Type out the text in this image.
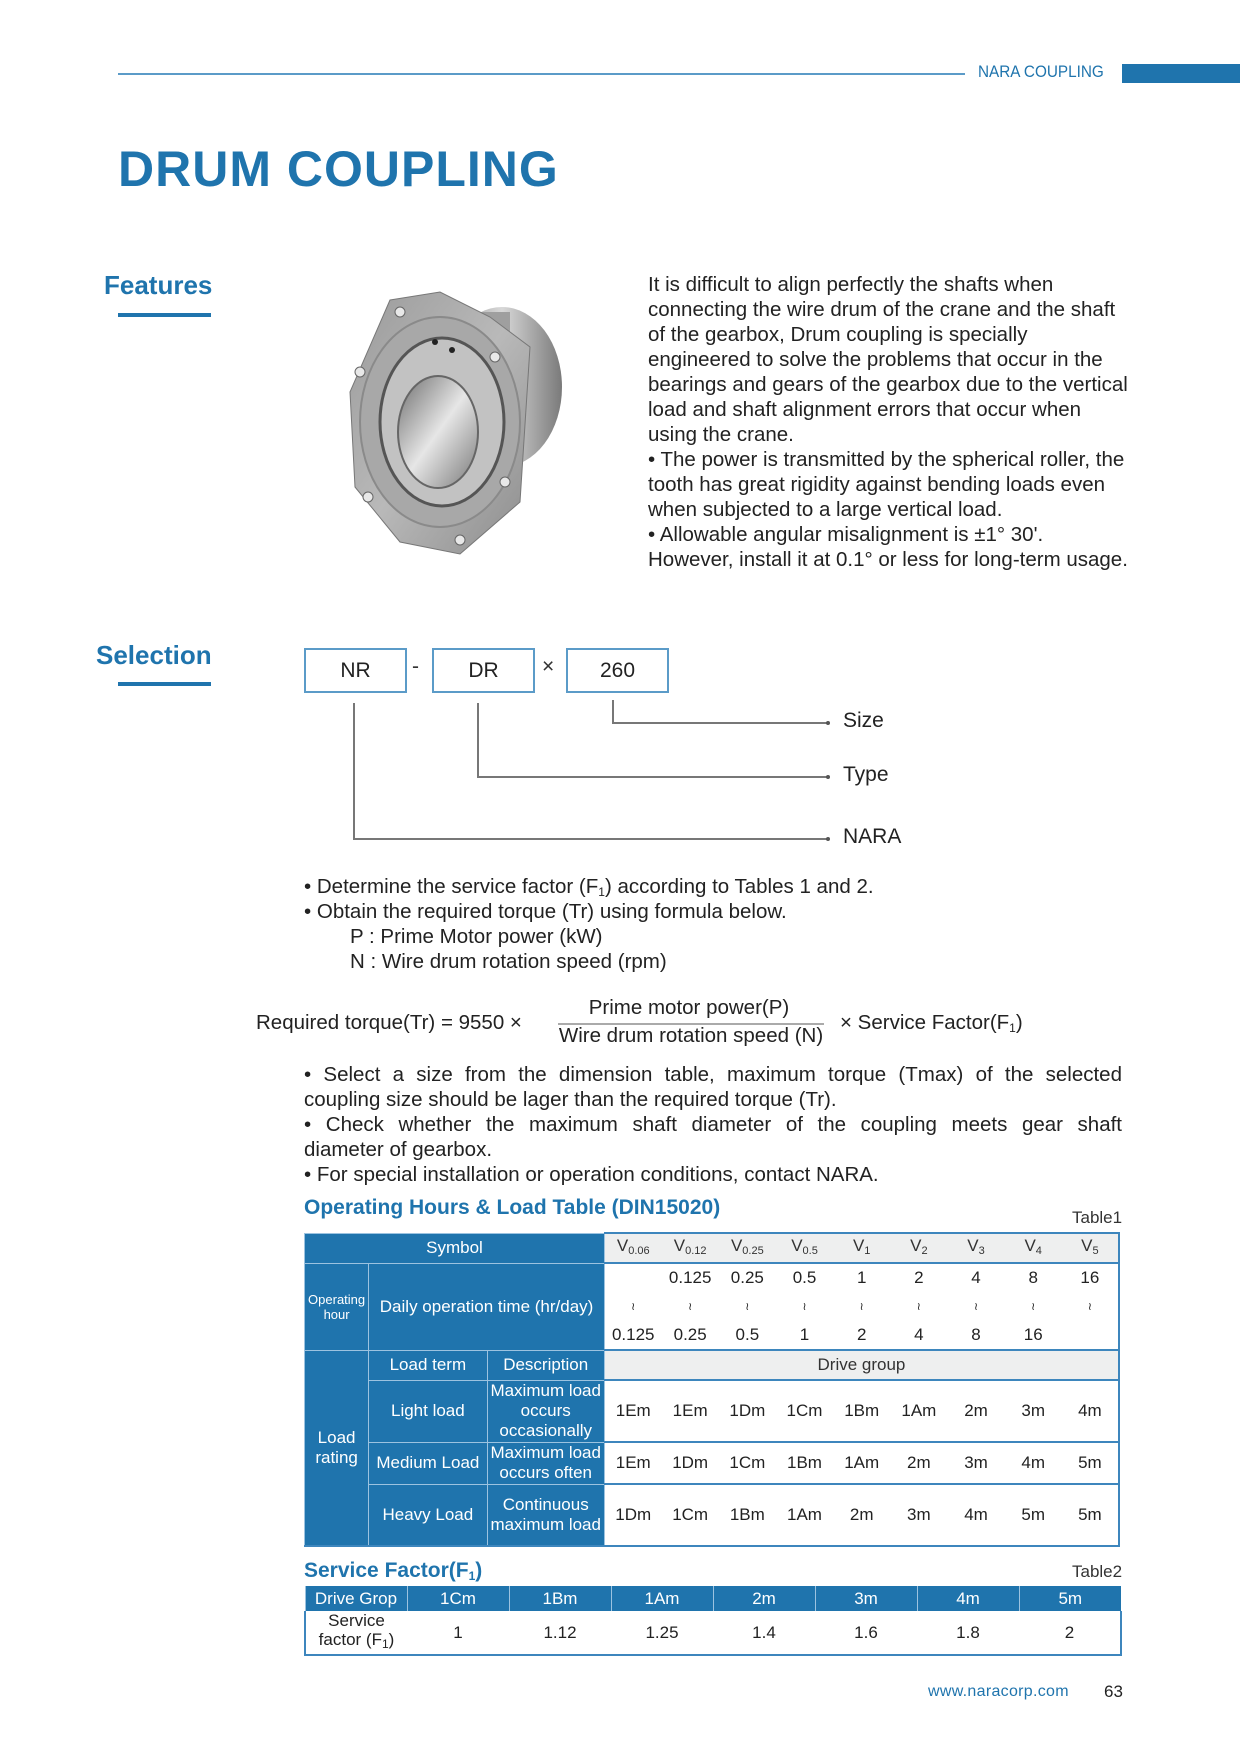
NARA COUPLING
DRUM COUPLING
Features	It is difficult to align perfectly the shafts when connecting the wire drum of the crane and the shaft of the gearbox, Drum coupling is specially engineered to solve the problems that occur in the bearings and gears of the gearbox due to the vertical load and shaft alignment errors that occur when using the crane.

• The power is transmitted by the spherical roller, the tooth has great rigidity against bending loads even when subjected to a large vertical load.

• Allowable angular misalignment is ±1° 30'. However, install it at 0.1° or less for long-term usage.

Selection	NR	-	DR	×	260
Size
Type
NARA
• Determine the service factor $(F_1)$ according to Tables 1 and 2.
• Obtain the required torque (Tr) using formula below.
P : Prime Motor power (kW)
N : Wire drum rotation speed (rpm)
Required torque(Tr) = 9550 ×
Prime motor power(P)
Wire drum rotation speed (N)
× Service $Factor(F_1)$
• Select a size from the dimension table, maximum torque (Tmax) of the selected
coupling size should be lager than the required torque (Tr).
• Check whether the maximum shaft diameter of the coupling meets gear shaft
diameter of gearbox.
• For special installation or operation conditions, contact NARA.
Operating Hours & Load Table (DIN15020)	Table1
Symbol			V0.06	V0.12	V0.25	V0.5	V1	V2	V3	V4	V5
Operating hour	Daily operation time (hr/day)			0.125	0.25	0.5	1	2	4	8	16
			≀	≀	≀	≀	≀	≀	≀	≀	≀
			0.125	0.25	0.5	1	2	4	8	16	
Load rating	Load term	Description	Drive group								
	Light load	Maximum load occurs occasionally	1Em	1Em	1Dm	1Cm	1Bm	1Am	2m	3m	4m
	Medium Load	Maximum load occurs often	1Em	1Dm	1Cm	1Bm	1Am	2m	3m	4m	5m
	Heavy Load	Continuous maximum load	1Dm	1Cm	1Bm	1Am	2m	3m	4m	5m	5m
Service $Factor(F_1)$	Table2
Drive Grop	1Cm	1Bm	1Am	2m	3m	4m	5m
Service factor $(F_1)$	1	1.12	1.25	1.4	1.6	1.8	2
www.naracorp.com 63
